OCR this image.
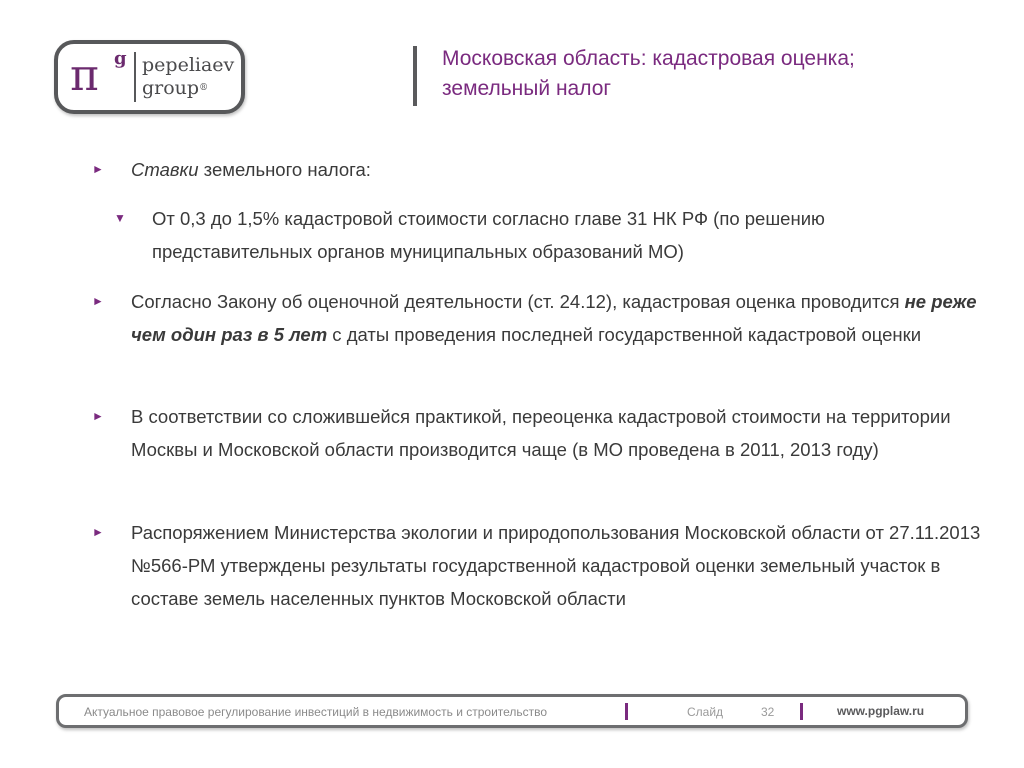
π g pepeliaev
group®
Московская область: кадастровая оценка;
земельный налог
► Ставки земельного налога:
▼ От 0,3 до 1,5% кадастровой стоимости согласно главе 31 НК РФ (по решению представительных органов муниципальных образований МО)
► Согласно Закону об оценочной деятельности (ст. 24.12), кадастровая оценка проводится не реже чем один раз в 5 лет с даты проведения последней государственной кадастровой оценки
► В соответствии со сложившейся практикой, переоценка кадастровой стоимости на территории Москвы и Московской области производится чаще (в МО проведена в 2011, 2013 году)
► Распоряжением Министерства экологии и природопользования Московской области от 27.11.2013 №566-РМ утверждены результаты государственной кадастровой оценки земельный участок в составе земель населенных пунктов Московской области
Актуальное правовое регулирование инвестиций в недвижимость и строительство	Слайд	32	www.pgplaw.ru
